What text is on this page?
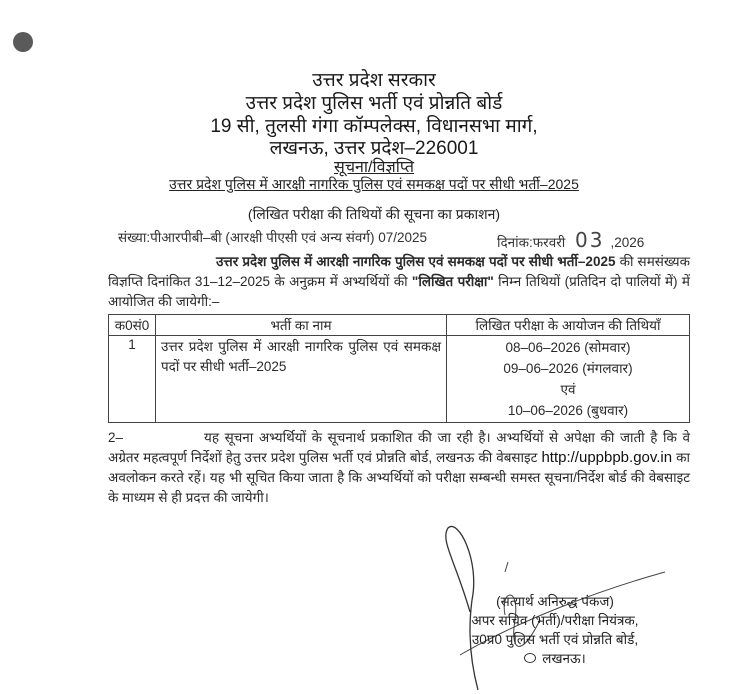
उत्तर प्रदेश सरकार
उत्तर प्रदेश पुलिस भर्ती एवं प्रोन्नति बोर्ड
19 सी, तुलसी गंगा कॉम्पलेक्स, विधानसभा मार्ग,
लखनऊ, उत्तर प्रदेश–226001
सूचना/विज्ञप्ति
उत्तर प्रदेश पुलिस में आरक्षी नागरिक पुलिस एवं समकक्ष पदों पर सीधी भर्ती–2025
(लिखित परीक्षा की तिथियों की सूचना का प्रकाशन)
संख्या:पीआरपीबी–बी (आरक्षी पीएसी एवं अन्य संवर्ग) 07/2025	दिनांक:फरवरी 03 ,2026
उत्तर प्रदेश पुलिस में आरक्षी नागरिक पुलिस एवं समकक्ष पदों पर सीधी भर्ती–2025 की समसंख्यक विज्ञप्ति दिनांकित 31–12–2025 के अनुक्रम में अभ्यर्थियों की "लिखित परीक्षा" निम्न तिथियों (प्रतिदिन दो पालियों में) में आयोजित की जायेगी:–
क0सं0	भर्ती का नाम	लिखित परीक्षा के आयोजन की तिथियॉं
1	उत्तर प्रदेश पुलिस में आरक्षी नागरिक पुलिस एवं समकक्ष पदों पर सीधी भर्ती–2025	08–06–2026 (सोमवार)
09–06–2026 (मंगलवार)
एवं
10–06–2026 (बुधवार)
2–	यह सूचना अभ्यर्थियों के सूचनार्थ प्रकाशित की जा रही है। अभ्यर्थियों से अपेक्षा की जाती है कि वे अग्रेतर महत्वपूर्ण निर्देशों हेतु उत्तर प्रदेश पुलिस भर्ती एवं प्रोन्नति बोर्ड, लखनऊ की वेबसाइट http://uppbpb.gov.in का अवलोकन करते रहें। यह भी सूचित किया जाता है कि अभ्यर्थियों को परीक्षा सम्बन्धी समस्त सूचना/निर्देश बोर्ड की वेबसाइट के माध्यम से ही प्रदत्त की जायेगी।
(सत्यार्थ अनिरुद्ध पंकज)
अपर सचिव (भर्ती)/परीक्षा नियंत्रक,
उ0प्र0 पुलिस भर्ती एवं प्रोन्नति बोर्ड,
लखनऊ।
